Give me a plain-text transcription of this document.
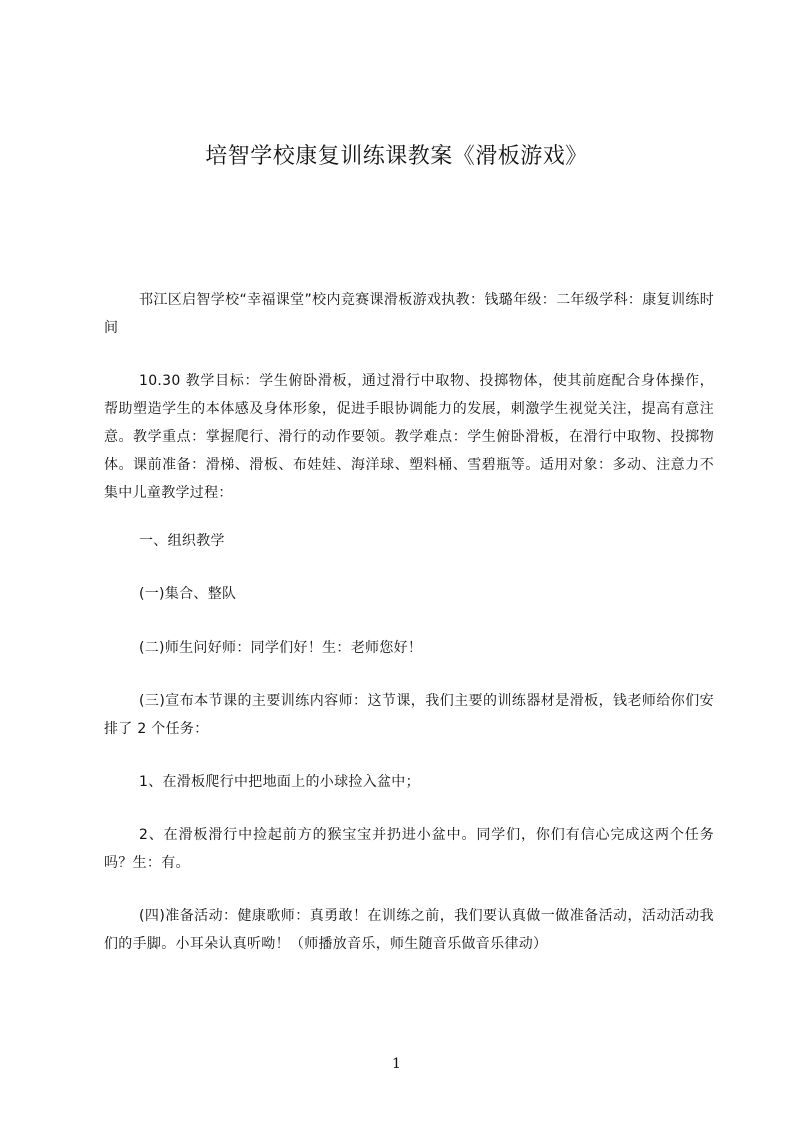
培智学校康复训练课教案《滑板游戏》

邗江区启智学校“幸福课堂”校内竞赛课滑板游戏执教：钱璐年级：二年级学科：康复训练时间

10.30 教学目标：学生俯卧滑板，通过滑行中取物、投掷物体，使其前庭配合身体操作，帮助塑造学生的本体感及身体形象，促进手眼协调能力的发展，刺激学生视觉关注，提高有意注意。教学重点：掌握爬行、滑行的动作要领。教学难点：学生俯卧滑板，在滑行中取物、投掷物体。课前准备：滑梯、滑板、布娃娃、海洋球、塑料桶、雪碧瓶等。适用对象：多动、注意力不集中儿童教学过程：

一、组织教学

(一)集合、整队

(二)师生问好师：同学们好！生：老师您好！

(三)宣布本节课的主要训练内容师：这节课，我们主要的训练器材是滑板，钱老师给你们安排了 2 个任务：

1、在滑板爬行中把地面上的小球捡入盆中；

2、在滑板滑行中捡起前方的猴宝宝并扔进小盆中。同学们，你们有信心完成这两个任务吗？生：有。

(四)准备活动：健康歌师：真勇敢！在训练之前，我们要认真做一做准备活动，活动活动我们的手脚。小耳朵认真听呦！（师播放音乐，师生随音乐做音乐律动）

1
